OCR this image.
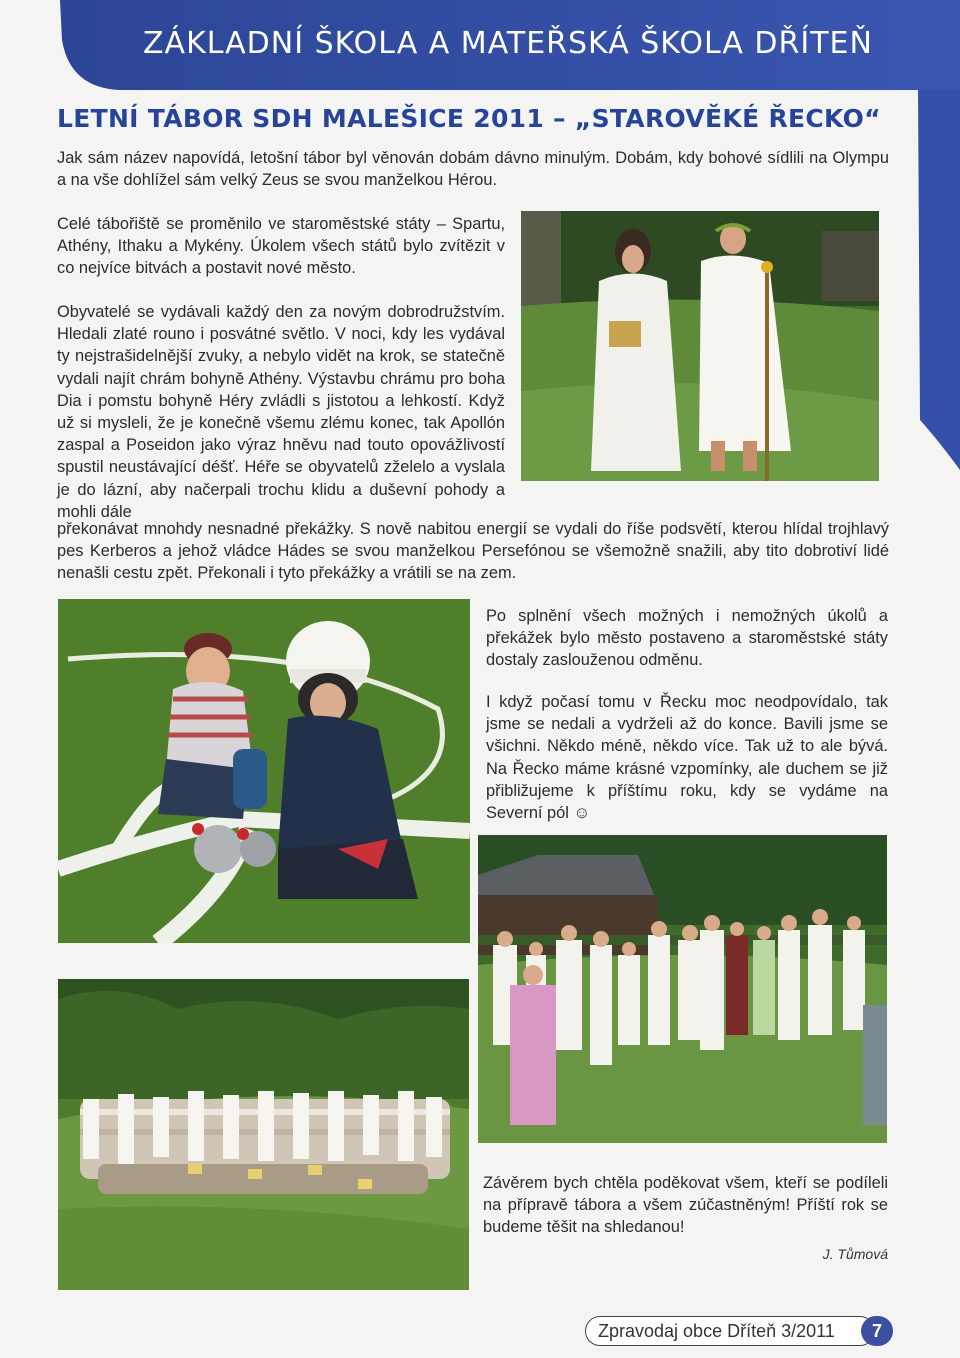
ZÁKLADNÍ ŠKOLA A MATEŘSKÁ ŠKOLA DŘÍTEŇ
LETNÍ TÁBOR SDH MALEŠICE 2011 – „STAROVĚKÉ ŘECKO“
Jak sám název napovídá, letošní tábor byl věnován dobám dávno minulým. Dobám, kdy bohové sídlili na Olympu a na vše dohlížel sám velký Zeus se svou manželkou Hérou.
Celé tábořiště se proměnilo ve staroměstské státy – Spartu, Athény, Ithaku a Mykény. Úkolem všech států bylo zvítězit v co nejvíce bitvách a postavit nové město.
Obyvatelé se vydávali každý den za novým dobrodružstvím. Hledali zlaté rouno i posvátné světlo. V noci, kdy les vydával ty nejstrašidelnější zvuky, a nebylo vidět na krok, se statečně vydali najít chrám bohyně Athény. Výstavbu chrámu pro boha Dia i pomstu bohyně Héry zvládli s jistotou a lehkostí. Když už si mysleli, že je konečně všemu zlému konec, tak Apollón zaspal a Poseidon jako výraz hněvu nad touto opovážlivostí spustil neustávající déšť. Héře se obyvatelů zželelo a vyslala je do lázní, aby načerpali trochu klidu a duševní pohody a mohli dále
překonávat mnohdy nesnadné překážky. S nově nabitou energií se vydali do říše podsvětí, kterou hlídal trojhlavý pes Kerberos a jehož vládce Hádes se svou manželkou Persefónou se všemožně snažili, aby tito dobrotiví lidé nenašli cestu zpět. Překonali i tyto překážky a vrátili se na zem.
Po splnění všech možných i nemožných úkolů a překážek bylo město postaveno a staroměstské státy dostaly zaslouženou odměnu.
I když počasí tomu v Řecku moc neodpovídalo, tak jsme se nedali a vydrželi až do konce. Bavili jsme se všichni. Někdo méně, někdo více. Tak už to ale bývá. Na Řecko máme krásné vzpomínky, ale duchem se již přibližujeme k příštímu roku, kdy se vydáme na Severní pól ☺
Závěrem bych chtěla poděkovat všem, kteří se podíleli na přípravě tábora a všem zúčastněným! Příští rok se budeme těšit na shledanou!
J. Tůmová
Zpravodaj obce Dříteň 3/2011	7
